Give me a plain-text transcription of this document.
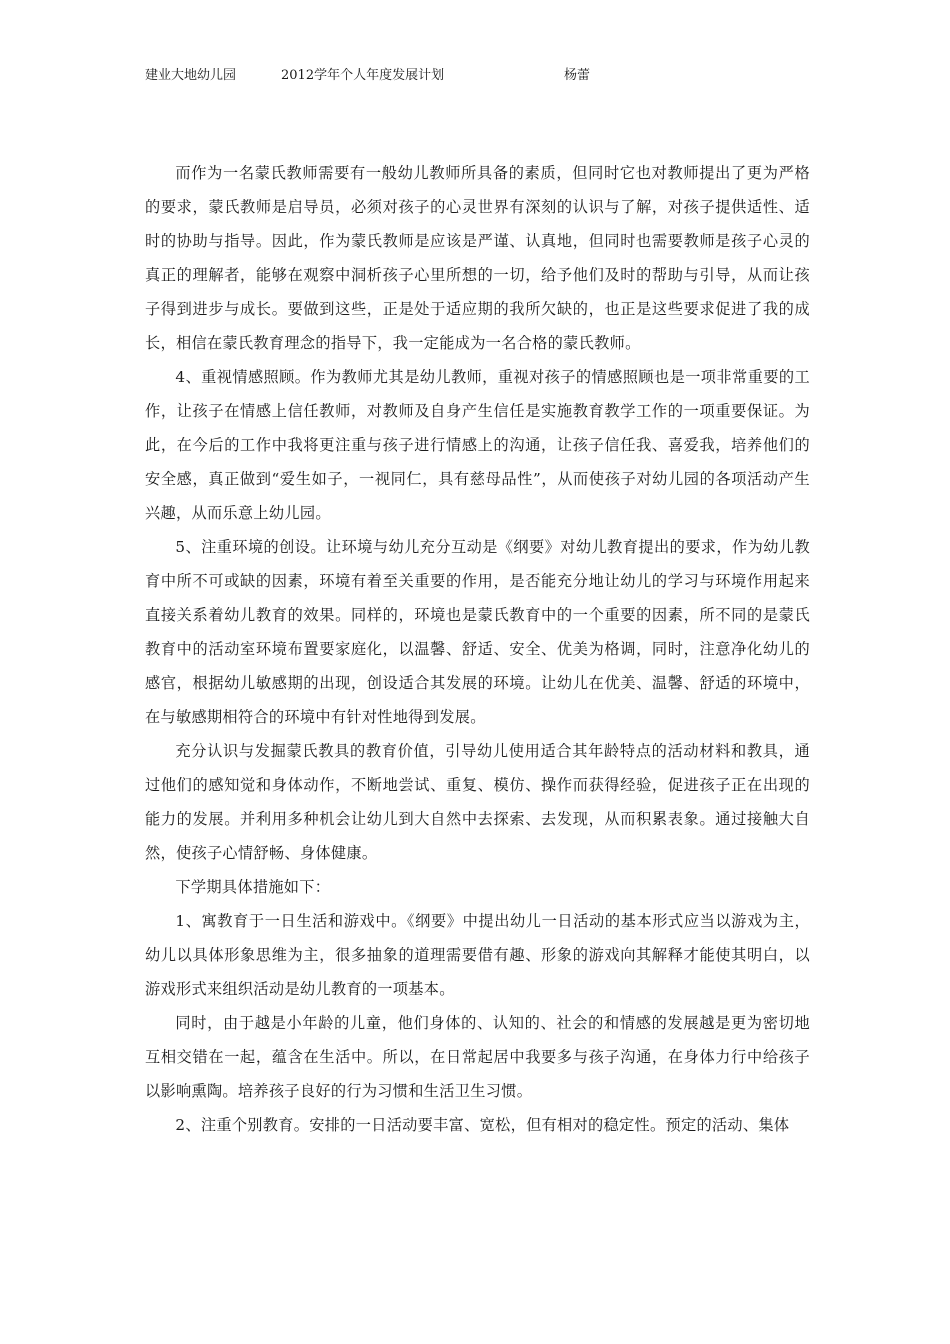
建业大地幼儿园	2012学年个人年度发展计划	杨蕾

而作为一名蒙氏教师需要有一般幼儿教师所具备的素质，但同时它也对教师提出了更为严格的要求，蒙氏教师是启导员，必须对孩子的心灵世界有深刻的认识与了解，对孩子提供适性、适时的协助与指导。因此，作为蒙氏教师是应该是严谨、认真地，但同时也需要教师是孩子心灵的真正的理解者，能够在观察中洞析孩子心里所想的一切，给予他们及时的帮助与引导，从而让孩子得到进步与成长。要做到这些，正是处于适应期的我所欠缺的，也正是这些要求促进了我的成长，相信在蒙氏教育理念的指导下，我一定能成为一名合格的蒙氏教师。

4、重视情感照顾。作为教师尤其是幼儿教师，重视对孩子的情感照顾也是一项非常重要的工作，让孩子在情感上信任教师，对教师及自身产生信任是实施教育教学工作的一项重要保证。为此，在今后的工作中我将更注重与孩子进行情感上的沟通，让孩子信任我、喜爱我，培养他们的安全感，真正做到“爱生如子，一视同仁，具有慈母品性”，从而使孩子对幼儿园的各项活动产生兴趣，从而乐意上幼儿园。

5、注重环境的创设。让环境与幼儿充分互动是《纲要》对幼儿教育提出的要求，作为幼儿教育中所不可或缺的因素，环境有着至关重要的作用，是否能充分地让幼儿的学习与环境作用起来直接关系着幼儿教育的效果。同样的，环境也是蒙氏教育中的一个重要的因素，所不同的是蒙氏教育中的活动室环境布置要家庭化，以温馨、舒适、安全、优美为格调，同时，注意净化幼儿的感官，根据幼儿敏感期的出现，创设适合其发展的环境。让幼儿在优美、温馨、舒适的环境中，在与敏感期相符合的环境中有针对性地得到发展。

充分认识与发掘蒙氏教具的教育价值，引导幼儿使用适合其年龄特点的活动材料和教具，通过他们的感知觉和身体动作，不断地尝试、重复、模仿、操作而获得经验，促进孩子正在出现的能力的发展。并利用多种机会让幼儿到大自然中去探索、去发现，从而积累表象。通过接触大自然，使孩子心情舒畅、身体健康。

下学期具体措施如下：

1、寓教育于一日生活和游戏中。《纲要》中提出幼儿一日活动的基本形式应当以游戏为主，幼儿以具体形象思维为主，很多抽象的道理需要借有趣、形象的游戏向其解释才能使其明白，以游戏形式来组织活动是幼儿教育的一项基本。

同时，由于越是小年龄的儿童，他们身体的、认知的、社会的和情感的发展越是更为密切地互相交错在一起，蕴含在生活中。所以，在日常起居中我要多与孩子沟通，在身体力行中给孩子以影响熏陶。培养孩子良好的行为习惯和生活卫生习惯。

2、注重个别教育。安排的一日活动要丰富、宽松，但有相对的稳定性。预定的活动、集体
